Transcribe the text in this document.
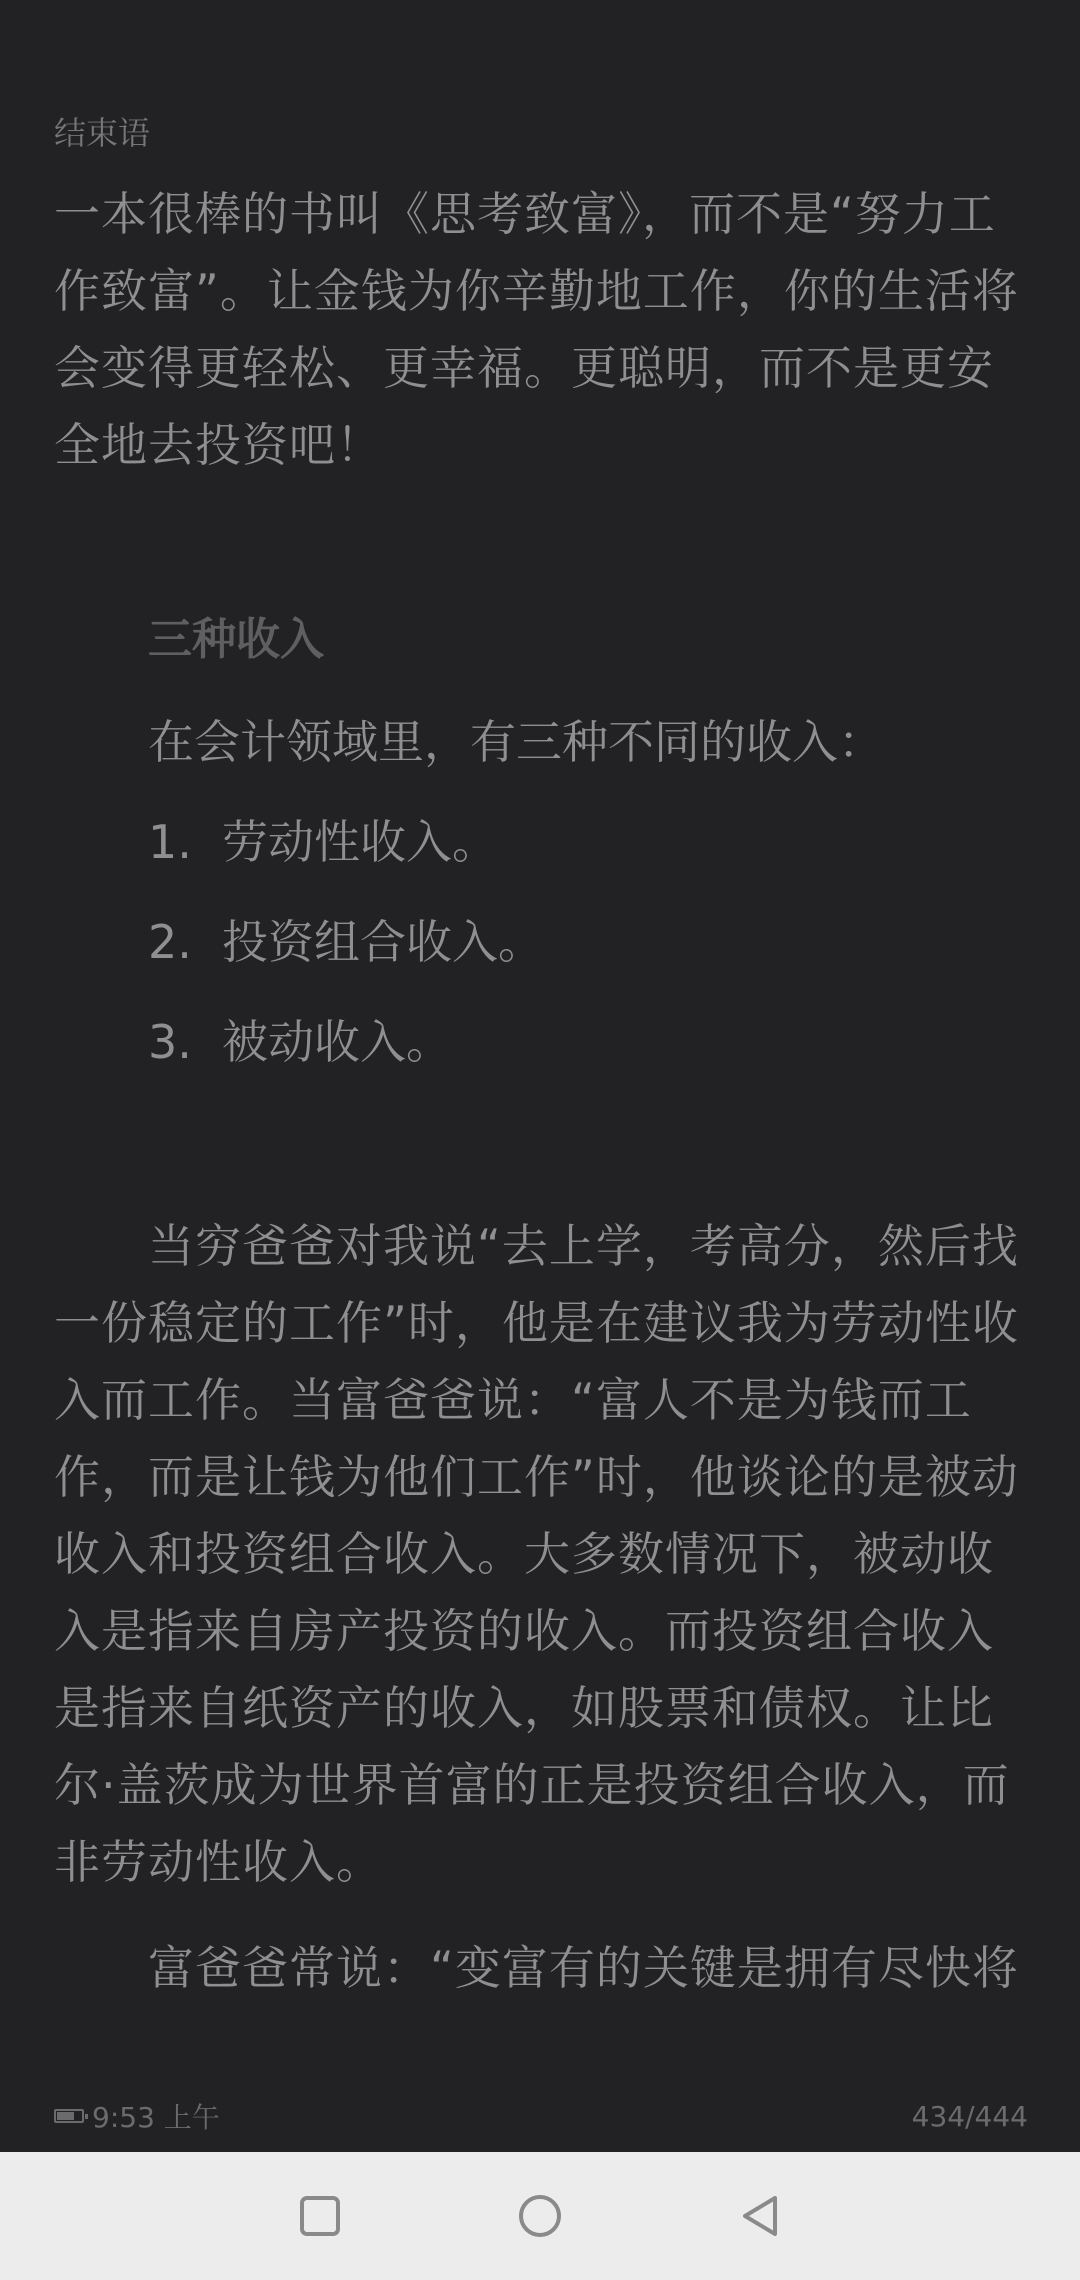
结束语
一本很棒的书叫《思考致富》，而不是“努力工作致富”。让金钱为你辛勤地工作，你的生活将会变得更轻松、更幸福。更聪明，而不是更安全地去投资吧！
三种收入
在会计领域里，有三种不同的收入：
1. 劳动性收入。
2. 投资组合收入。
3. 被动收入。
当穷爸爸对我说“去上学，考高分，然后找一份稳定的工作”时，他是在建议我为劳动性收入而工作。当富爸爸说：“富人不是为钱而工作，而是让钱为他们工作”时，他谈论的是被动收入和投资组合收入。大多数情况下，被动收入是指来自房产投资的收入。而投资组合收入是指来自纸资产的收入，如股票和债权。让比尔·盖茨成为世界首富的正是投资组合收入，而非劳动性收入。
富爸爸常说：“变富有的关键是拥有尽快将
9:53 上午	434/444
